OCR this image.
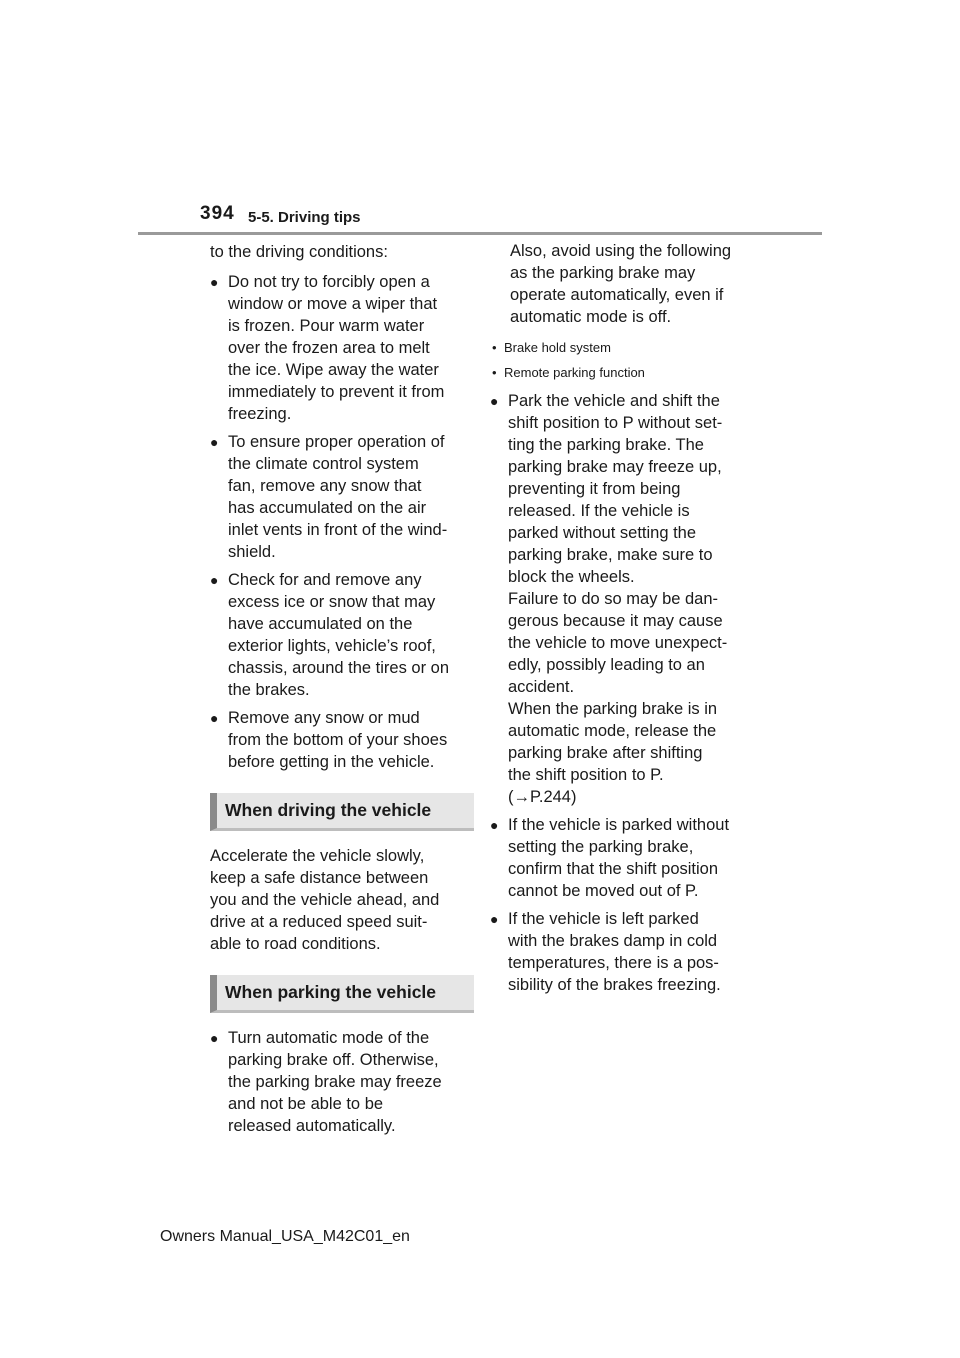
394 5-5. Driving tips

to the driving conditions:

● Do not try to forcibly open a
window or move a wiper that
is frozen. Pour warm water
over the frozen area to melt
the ice. Wipe away the water
immediately to prevent it from
freezing.
● To ensure proper operation of
the climate control system
fan, remove any snow that
has accumulated on the air
inlet vents in front of the wind-
shield.
● Check for and remove any
excess ice or snow that may
have accumulated on the
exterior lights, vehicle’s roof,
chassis, around the tires or on
the brakes.
● Remove any snow or mud
from the bottom of your shoes
before getting in the vehicle.
When driving the vehicle

Accelerate the vehicle slowly,
keep a safe distance between
you and the vehicle ahead, and
drive at a reduced speed suit-
able to road conditions.

When parking the vehicle
● Turn automatic mode of the
parking brake off. Otherwise,
the parking brake may freeze
and not be able to be
released automatically.
Also, avoid using the following
as the parking brake may
operate automatically, even if
automatic mode is off.
• Brake hold system
• Remote parking function
● Park the vehicle and shift the
shift position to P without set-
ting the parking brake. The
parking brake may freeze up,
preventing it from being
released. If the vehicle is
parked without setting the
parking brake, make sure to
block the wheels.
Failure to do so may be dan-
gerous because it may cause
the vehicle to move unexpect-
edly, possibly leading to an
accident.
When the parking brake is in
automatic mode, release the
parking brake after shifting
the shift position to P.
(→P.244)
● If the vehicle is parked without
setting the parking brake,
confirm that the shift position
cannot be moved out of P.
● If the vehicle is left parked
with the brakes damp in cold
temperatures, there is a pos-
sibility of the brakes freezing.
Owners Manual_USA_M42C01_en
